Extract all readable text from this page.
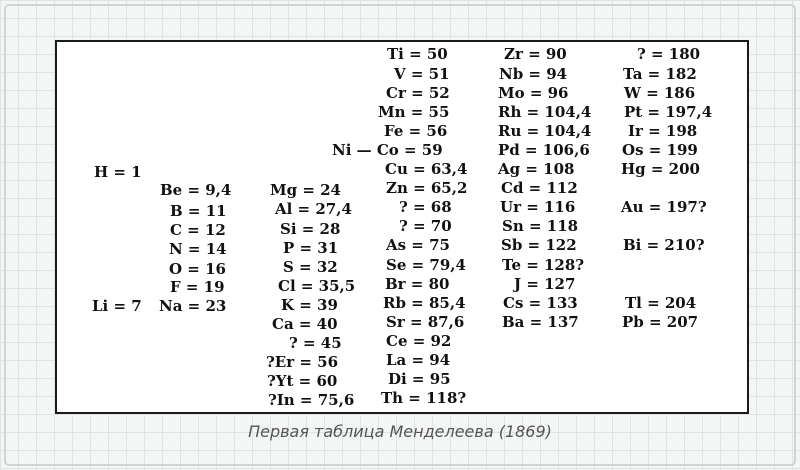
H = 1
Li = 7
Be = 9,4
B = 11
C = 12
N = 14
O = 16
F = 19
Na = 23
Mg = 24
Al = 27,4
Si = 28
P = 31
S = 32
Cl = 35,5
K = 39
Ca = 40
? = 45
?Er = 56
?Yt = 60
?In = 75,6
Ti = 50
V = 51
Cr = 52
Mn = 55
Fe = 56
Ni — Co = 59
Cu = 63,4
Zn = 65,2
? = 68
? = 70
As = 75
Se = 79,4
Br = 80
Rb = 85,4
Sr = 87,6
Ce = 92
La = 94
Di = 95
Th = 118?
Zr = 90
Nb = 94
Mo = 96
Rh = 104,4
Ru = 104,4
Pd = 106,6
Ag = 108
Cd = 112
Ur = 116
Sn = 118
Sb = 122
Te = 128?
J = 127
Cs = 133
Ba = 137
? = 180
Ta = 182
W = 186
Pt = 197,4
Ir = 198
Os = 199
Hg = 200
Au = 197?
Bi = 210?
Tl = 204
Pb = 207
Первая таблица Менделеева (1869)
